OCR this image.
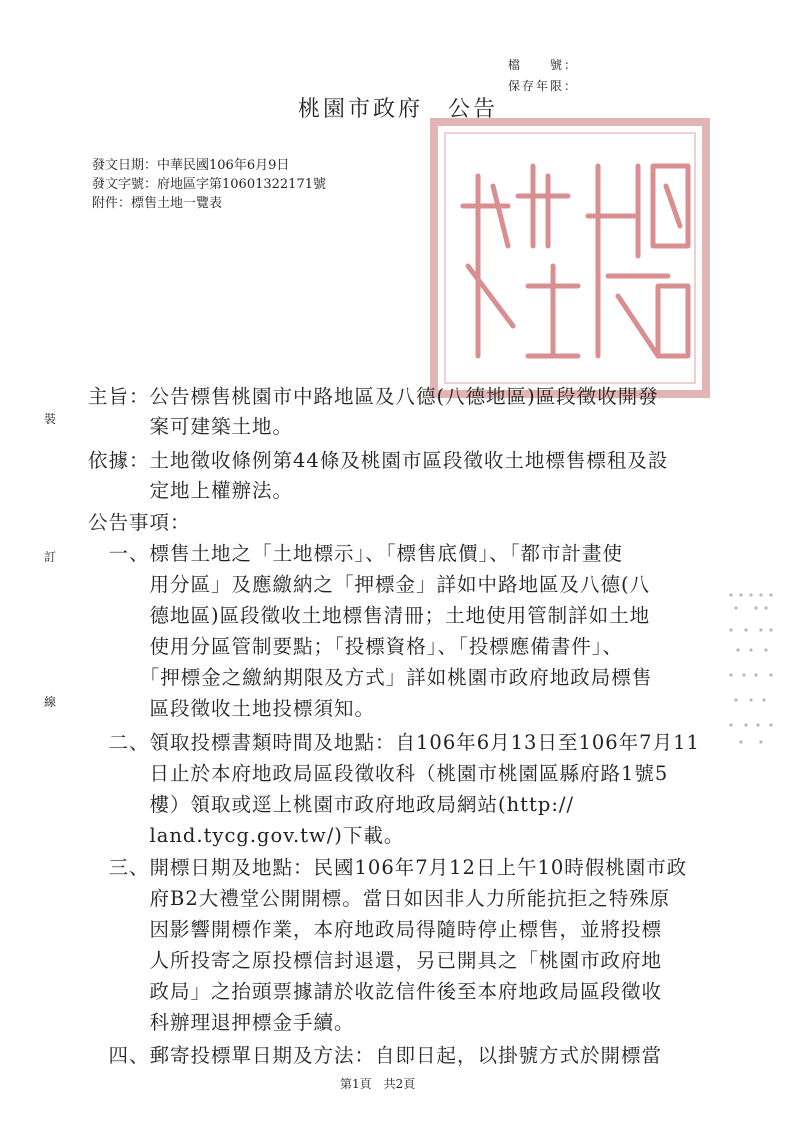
檔　　號：
保存年限：
桃園市政府　公告
發文日期：中華民國106年6月9日
發文字號：府地區字第10601322171號
附件：標售土地一覽表
裝
訂
線
主旨：公告標售桃園市中路地區及八德(八德地區)區段徵收開發
　　　案可建築土地。
依據：土地徵收條例第44條及桃園市區段徵收土地標售標租及設
　　　定地上權辦法。
公告事項：
　一、標售土地之「土地標示」、「標售底價」、「都市計畫使
　　　用分區」及應繳納之「押標金」詳如中路地區及八德(八
　　　德地區)區段徵收土地標售清冊；土地使用管制詳如土地
　　　使用分區管制要點；「投標資格」、「投標應備書件」、
　　　「押標金之繳納期限及方式」詳如桃園市政府地政局標售
　　　區段徵收土地投標須知。
　二、領取投標書類時間及地點：自106年6月13日至106年7月11
　　　日止於本府地政局區段徵收科（桃園市桃園區縣府路1號5
　　　樓）領取或逕上桃園市政府地政局網站(http://
　　　land.tycg.gov.tw/)下載。
　三、開標日期及地點：民國106年7月12日上午10時假桃園市政
　　　府B2大禮堂公開開標。當日如因非人力所能抗拒之特殊原
　　　因影響開標作業，本府地政局得隨時停止標售，並將投標
　　　人所投寄之原投標信封退還，另已開具之「桃園市政府地
　　　政局」之抬頭票據請於收訖信件後至本府地政局區段徵收
　　　科辦理退押標金手續。
　四、郵寄投標單日期及方法：自即日起，以掛號方式於開標當
第1頁　共2頁
